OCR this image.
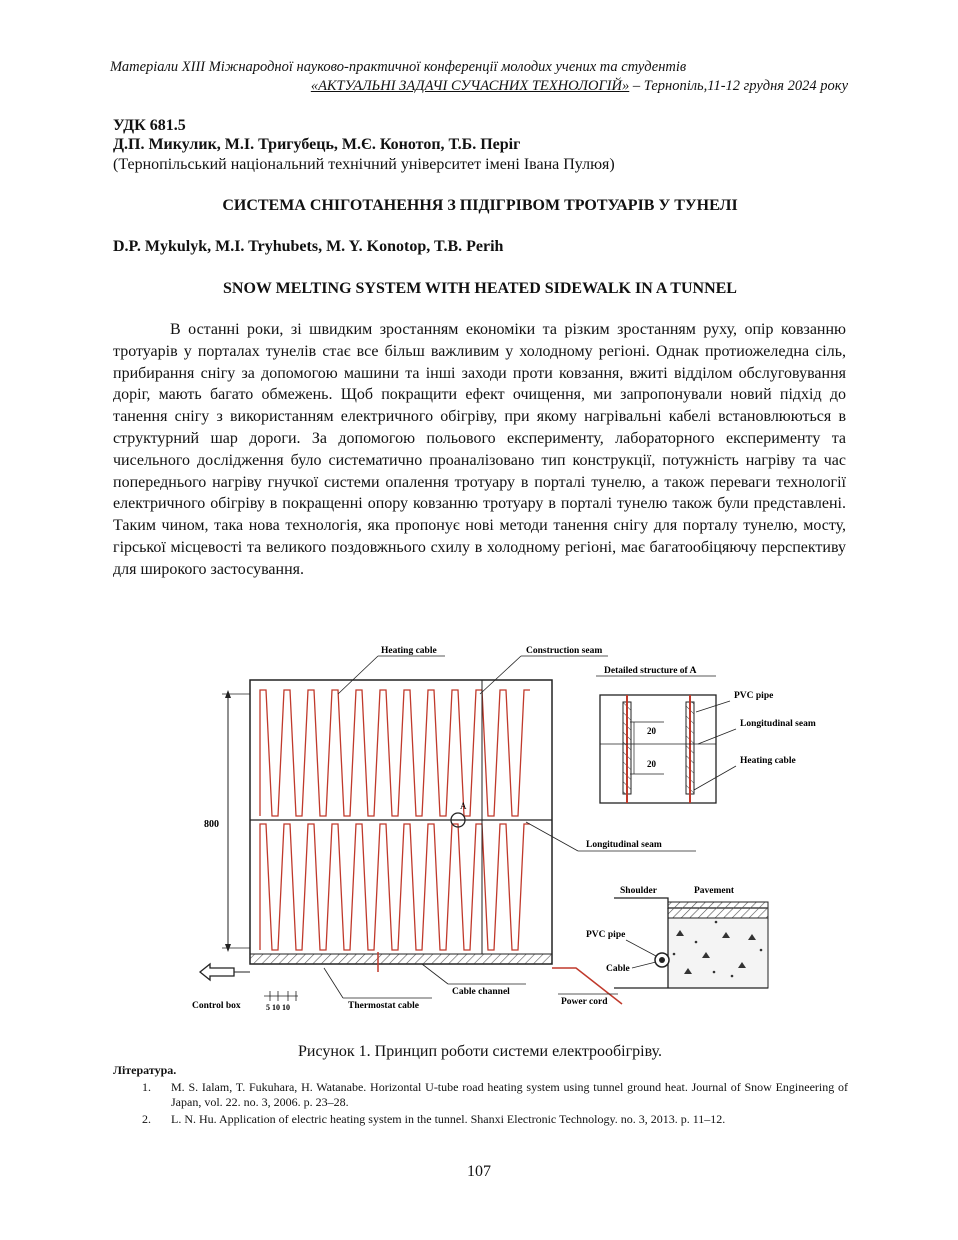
Матеріали XIII Міжнародної науково-практичної конференції молодих учених та студентів
«АКТУАЛЬНІ ЗАДАЧІ СУЧАСНИХ ТЕХНОЛОГІЙ» – Тернопіль,11-12 грудня 2024 року
УДК 681.5
Д.П. Микулик, М.І. Тригубець, М.Є. Конотоп, Т.Б. Періг
(Тернопільський національний технічний університет імені Івана Пулюя)
СИСТЕМА СНІГОТАНЕННЯ З ПІДІГРІВОМ ТРОТУАРІВ У ТУНЕЛІ
D.P. Mykulyk, M.I. Tryhubets, M. Y. Konotop, T.B. Perih
SNOW MELTING SYSTEM WITH HEATED SIDEWALK IN A TUNNEL

В останні роки, зі швидким зростанням економіки та різким зростанням руху, опір ковзанню тротуарів у порталах тунелів стає все більш важливим у холодному регіоні. Однак протиожеледна сіль, прибирання снігу за допомогою машини та інші заходи проти ковзання, вжиті відділом обслуговування доріг, мають багато обмежень. Щоб покращити ефект очищення, ми запропонували новий підхід до танення снігу з використанням електричного обігріву, при якому нагрівальні кабелі встановлюються в структурний шар дороги. За допомогою польового експерименту, лабораторного експерименту та чисельного дослідження було систематично проаналізовано тип конструкції, потужність нагріву та час попереднього нагріву гнучкої системи опалення тротуару в порталі тунелю, а також переваги технології електричного обігріву в покращенні опору ковзанню тротуару в порталі тунелю також були представлені. Таким чином, така нова технологія, яка пропонує нові методи танення снігу для порталу тунелю, мосту, гірської місцевості та великого поздовжнього схилу в холодному регіоні, має багатообіцяючу перспективу для широкого застосування.

A
800
Heating cable	Construction seam
Detailed structure of A
20
20
PVC pipe
Longitudinal seam
Heating cable
Longitudinal seam
Shoulder	Pavement
PVC pipe
Cable
Control box	5 10 10	Thermostat cable
Cable channel
Power cord
Рисунок 1. Принцип роботи системи електрообігріву.
Література.
1. M. S. Ialam, T. Fukuhara, H. Watanabe. Horizontal U-tube road heating system using tunnel ground heat. Journal of Snow Engineering of Japan, vol. 22. no. 3, 2006. p. 23–28.
2. L. N. Hu. Application of electric heating system in the tunnel. Shanxi Electronic Technology. no. 3, 2013. p. 11–12.
107
